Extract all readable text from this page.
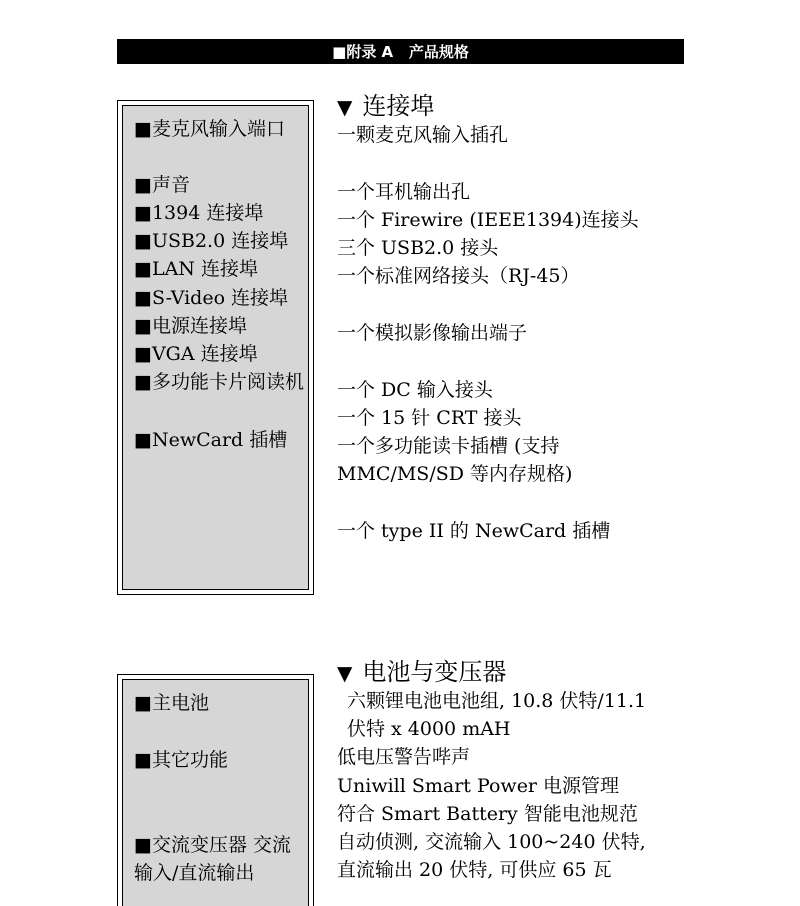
■附录 A   产品规格
■麦克风输入端口
■声音
■1394 连接埠
■USB2.0 连接埠
■LAN 连接埠
■S-Video 连接埠
■电源连接埠
■VGA 连接埠
■多功能卡片阅读机
■NewCard 插槽
▼ 连接埠
一颗麦克风输入插孔
一个耳机输出孔
一个 Firewire (IEEE1394)连接头
三个 USB2.0 接头
一个标准网络接头（RJ-45）
一个模拟影像输出端子
一个 DC 输入接头
一个 15 针 CRT 接头
一个多功能读卡插槽 (支持
MMC/MS/SD 等内存规格)
一个 type II 的 NewCard 插槽
■主电池
■其它功能
■交流变压器 交流输入/直流输出
▼ 电池与变压器
六颗锂电池电池组, 10.8 伏特/11.1
伏特 x 4000 mAH
低电压警告哔声
Uniwill Smart Power 电源管理
符合 Smart Battery 智能电池规范
自动侦测, 交流输入 100~240 伏特,
直流输出 20 伏特, 可供应 65 瓦
